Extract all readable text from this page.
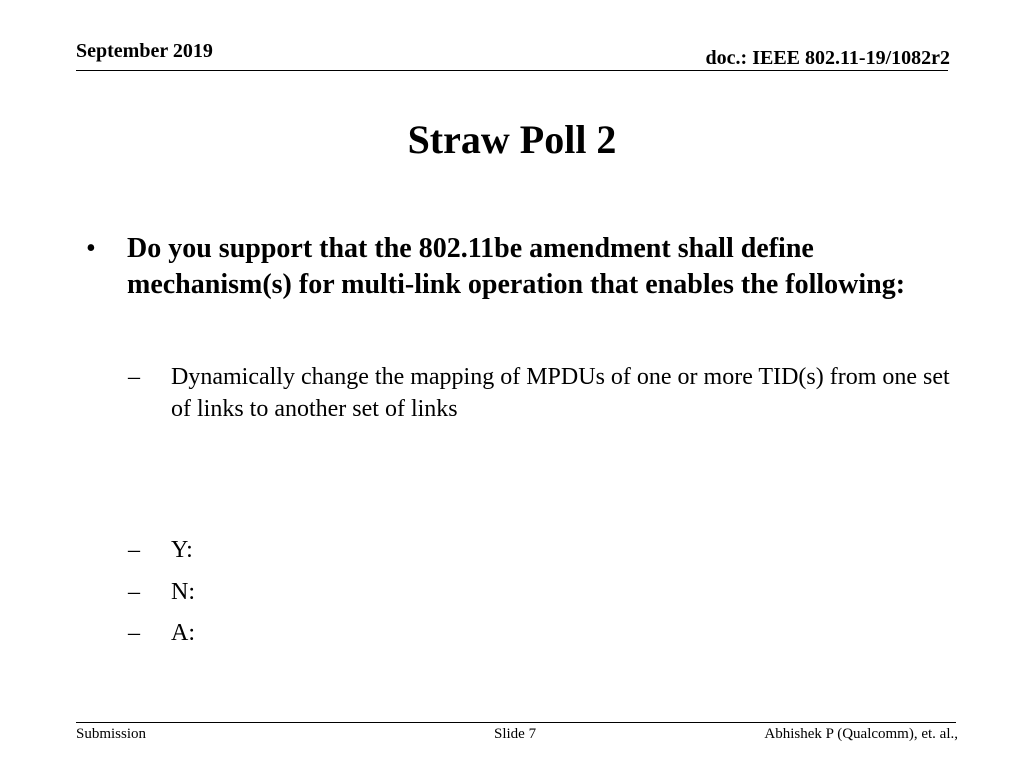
September 2019	doc.: IEEE 802.11-19/1082r2
Straw Poll 2
• Do you support that the 802.11be amendment shall define mechanism(s) for multi-link operation that enables the following:
– Dynamically change the mapping of MPDUs of one or more TID(s) from one set of links to another set of links
– Y:
– N:
– A:
Submission	Slide 7	Abhishek P (Qualcomm), et. al.,
